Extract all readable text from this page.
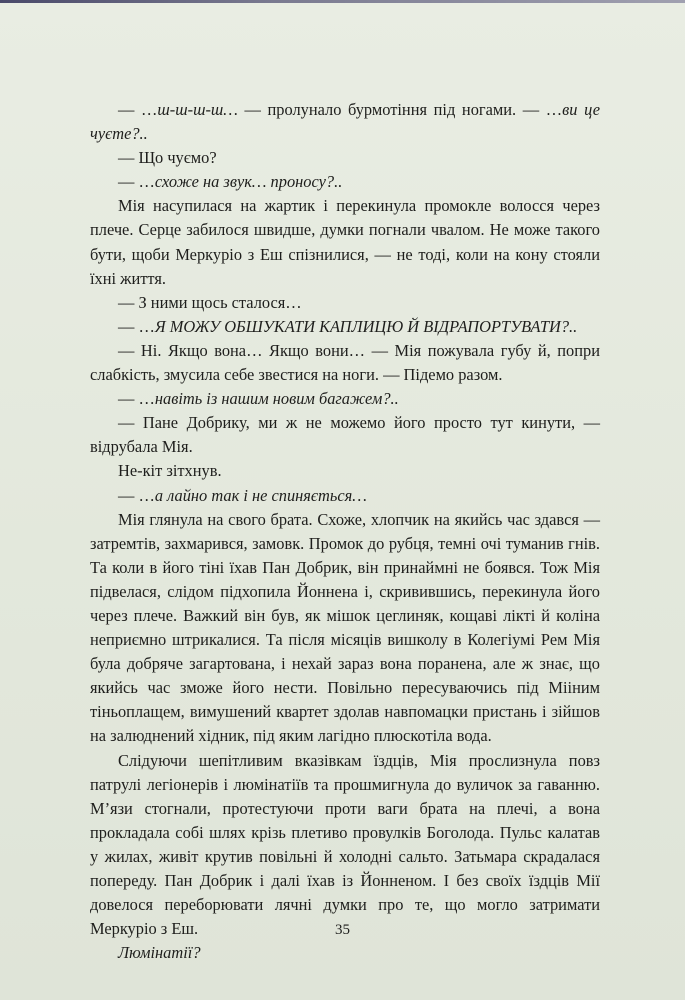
— …ш-ш-ш-ш… — пролунало бурмотіння під ногами. — …ви це чуєте?..

— Що чуємо?

— …схоже на звук… проносу?..

Мія насупилася на жартик і перекинула промокле волосся через плече. Серце забилося швидше, думки погнали чвалом. Не може такого бути, щоби Меркуріо з Еш спізнилися, — не тоді, коли на кону стояли їхні життя.

— З ними щось сталося…

— …Я МОЖУ ОБШУКАТИ КАПЛИЦЮ Й ВІДРАПОРТУВАТИ?..

— Ні. Якщо вона… Якщо вони… — Мія пожувала губу й, попри слабкість, змусила себе звестися на ноги. — Підемо разом.

— …навіть із нашим новим багажем?..

— Пане Добрику, ми ж не можемо його просто тут кинути, — відрубала Мія.

Не-кіт зітхнув.

— …а лайно так і не спиняється…

Мія глянула на свого брата. Схоже, хлопчик на якийсь час здався — затремтів, захмарився, замовк. Промок до рубця, темні очі туманив гнів. Та коли в його тіні їхав Пан Добрик, він принаймні не боявся. Тож Мія підвелася, слідом підхопила Йоннена і, скривившись, перекинула його через плече. Важкий він був, як мішок цеглиняк, кощаві лікті й коліна неприємно штрикалися. Та після місяців вишколу в Колегіумі Рем Мія була добряче загартована, і нехай зараз вона поранена, але ж знає, що якийсь час зможе його нести. Повільно пересуваючись під Мііним тіньоплащем, вимушений квартет здолав навпомацки пристань і зійшов на залюднений хідник, під яким лагідно плюскотіла вода.

Слідуючи шепітливим вказівкам їздців, Мія прослизнула повз патрулі легіонерів і люмінатіїв та прошмигнула до вуличок за гаванню. М’язи стогнали, протестуючи проти ваги брата на плечі, а вона прокладала собі шлях крізь плетиво провулків Боголода. Пульс калатав у жилах, живіт крутив повільні й холодні сальто. Затьмара скрадалася попереду. Пан Добрик і далі їхав із Йонненом. І без своїх їздців Мії довелося переборювати лячні думки про те, що могло затримати Меркуріо з Еш.

Люмінатії?

35
